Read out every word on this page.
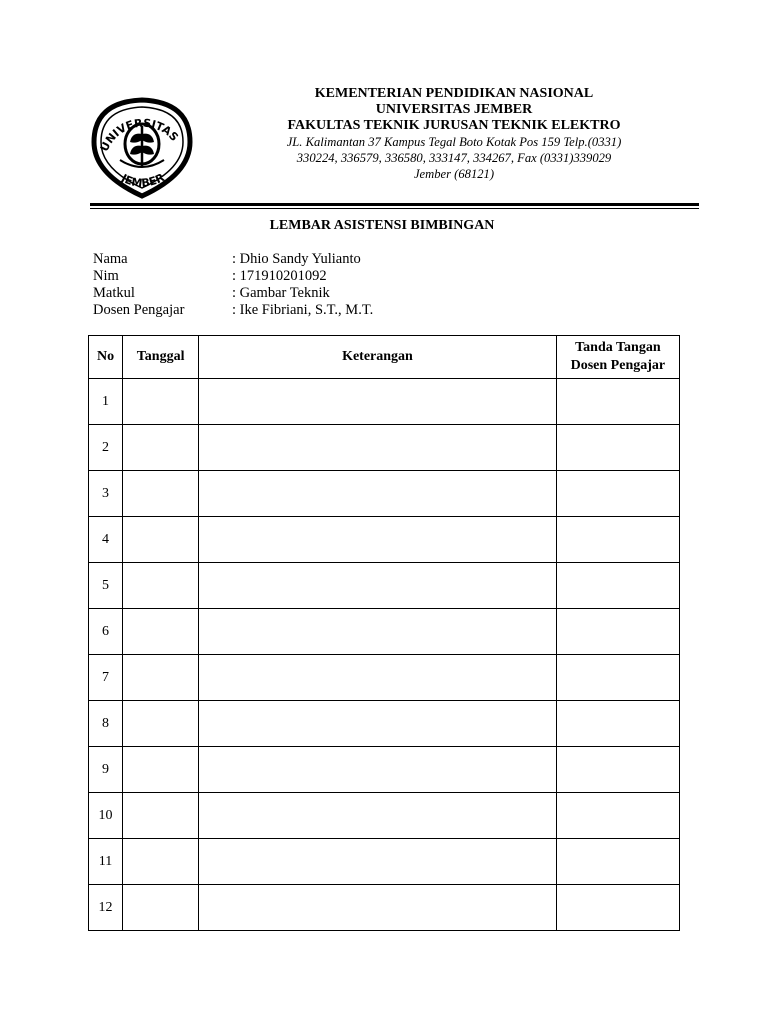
UNIVERSITAS
JEMBER
KEMENTERIAN PENDIDIKAN NASIONAL
UNIVERSITAS JEMBER
FAKULTAS TEKNIK JURUSAN TEKNIK ELEKTRO
JL. Kalimantan 37 Kampus Tegal Boto Kotak Pos 159 Telp.(0331)
330224, 336579, 336580, 333147, 334267, Fax (0331)339029
Jember (68121)
LEMBAR ASISTENSI BIMBINGAN
Nama	: Dhio Sandy Yulianto
Nim	: 171910201092
Matkul	: Gambar Teknik
Dosen Pengajar	: Ike Fibriani, S.T., M.T.
No	Tanggal	Keterangan	Tanda Tangan
Dosen Pengajar

1			
2			
3			
4			
5			
6			
7			
8			
9			
10			
11			
12			
